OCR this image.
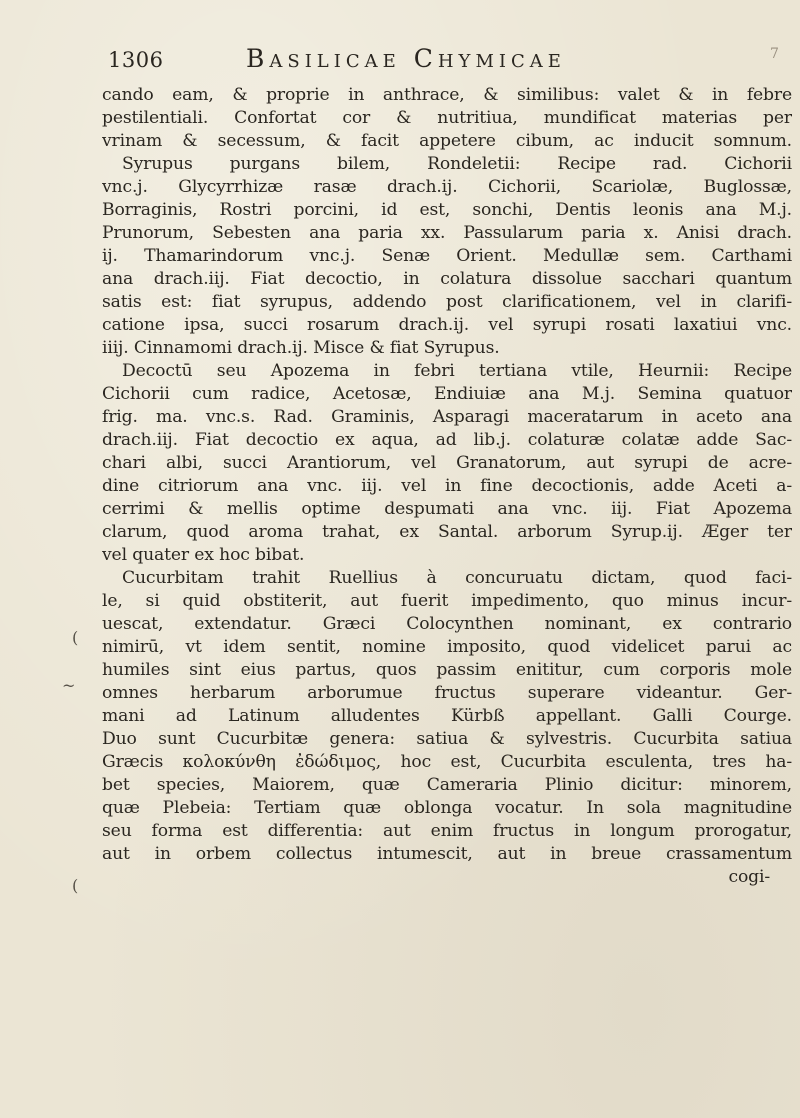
1306	Basilicae Chymicae	7
(
~
(
cando eam, & proprie in anthrace, & similibus: valet & in febre
pestilentiali. Confortat cor & nutritiua, mundificat materias per
vrinam & secessum, & facit appetere cibum, ac inducit somnum.
Syrupus purgans bilem, Rondeletii: Recipe rad. Cichorii
vnc.j. Glycyrrhizæ rasæ drach.ij. Cichorii, Scariolæ, Buglossæ,
Borraginis, Rostri porcini, id est, sonchi, Dentis leonis ana M.j.
Prunorum, Sebesten ana paria xx. Passularum paria x. Anisi drach.
ij. Thamarindorum vnc.j. Senæ Orient. Medullæ sem. Carthami
ana drach.iij. Fiat decoctio, in colatura dissolue sacchari quantum
satis est: fiat syrupus, addendo post clarificationem, vel in clarifi-
catione ipsa, succi rosarum drach.ij. vel syrupi rosati laxatiui vnc.
iiij. Cinnamomi drach.ij. Misce & fiat Syrupus.
Decoctū seu Apozema in febri tertiana vtile, Heurnii: Recipe
Cichorii cum radice, Acetosæ, Endiuiæ ana M.j. Semina quatuor
frig. ma. vnc.s. Rad. Graminis, Asparagi maceratarum in aceto ana
drach.iij. Fiat decoctio ex aqua, ad lib.j. colaturæ colatæ adde Sac-
chari albi, succi Arantiorum, vel Granatorum, aut syrupi de acre-
dine citriorum ana vnc. iij. vel in fine decoctionis, adde Aceti a-
cerrimi & mellis optime despumati ana vnc. iij. Fiat Apozema
clarum, quod aroma trahat, ex Santal. arborum Syrup.ij. Æger ter
vel quater ex hoc bibat.
Cucurbitam trahit Ruellius à concuruatu dictam, quod faci-
le, si quid obstiterit, aut fuerit impedimento, quo minus incur-
uescat, extendatur. Græci Colocynthen nominant, ex contrario
nimirū, vt idem sentit, nomine imposito, quod videlicet parui ac
humiles sint eius partus, quos passim enititur, cum corporis mole
omnes herbarum arborumue fructus superare videantur. Ger-
mani ad Latinum alludentes Kürbß appellant. Galli Courge.
Duo sunt Cucurbitæ genera: satiua & sylvestris. Cucurbita satiua
Græcis κολοκύνθη ἐδώδιμος, hoc est, Cucurbita esculenta, tres ha-
bet species, Maiorem, quæ Cameraria Plinio dicitur: minorem,
quæ Plebeia: Tertiam quæ oblonga vocatur. In sola magnitudine
seu forma est differentia: aut enim fructus in longum prorogatur,
aut in orbem collectus intumescit, aut in breue crassamentum
cogi-
